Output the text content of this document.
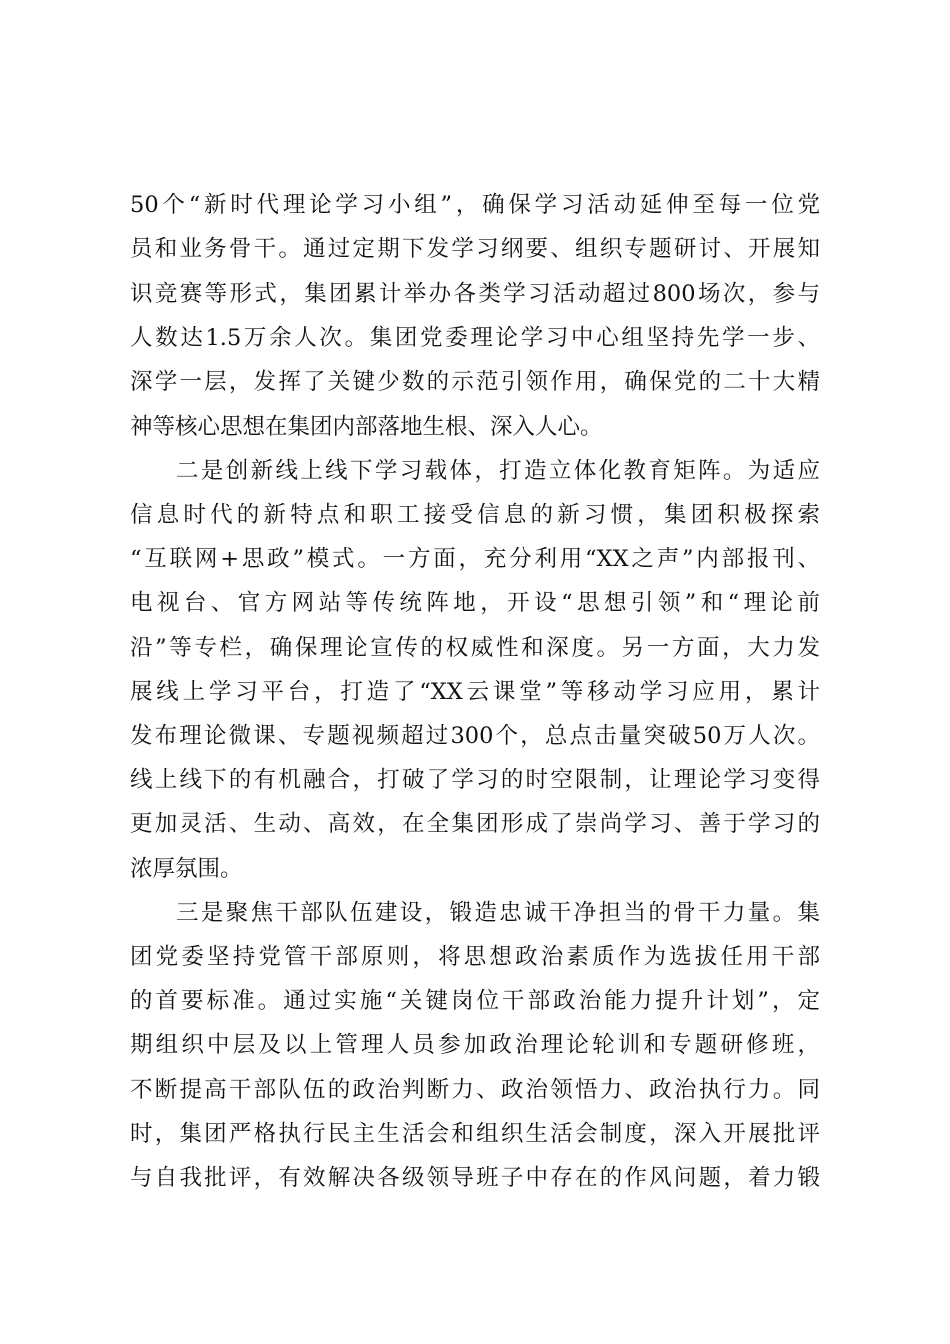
50个“新时代理论学习小组”，确保学习活动延伸至每一位党
员和业务骨干。通过定期下发学习纲要、组织专题研讨、开展知
识竞赛等形式，集团累计举办各类学习活动超过800场次，参与
人数达1.5万余人次。集团党委理论学习中心组坚持先学一步、
深学一层，发挥了关键少数的示范引领作用，确保党的二十大精
神等核心思想在集团内部落地生根、深入人心。
二是创新线上线下学习载体，打造立体化教育矩阵。为适应
信息时代的新特点和职工接受信息的新习惯，集团积极探索
“互联网+思政”模式。一方面，充分利用“XX之声”内部报刊、
电视台、官方网站等传统阵地，开设“思想引领”和“理论前
沿”等专栏，确保理论宣传的权威性和深度。另一方面，大力发
展线上学习平台，打造了“XX云课堂”等移动学习应用，累计
发布理论微课、专题视频超过300个，总点击量突破50万人次。
线上线下的有机融合，打破了学习的时空限制，让理论学习变得
更加灵活、生动、高效，在全集团形成了崇尚学习、善于学习的
浓厚氛围。
三是聚焦干部队伍建设，锻造忠诚干净担当的骨干力量。集
团党委坚持党管干部原则，将思想政治素质作为选拔任用干部
的首要标准。通过实施“关键岗位干部政治能力提升计划”，定
期组织中层及以上管理人员参加政治理论轮训和专题研修班，
不断提高干部队伍的政治判断力、政治领悟力、政治执行力。同
时，集团严格执行民主生活会和组织生活会制度，深入开展批评
与自我批评，有效解决各级领导班子中存在的作风问题，着力锻
